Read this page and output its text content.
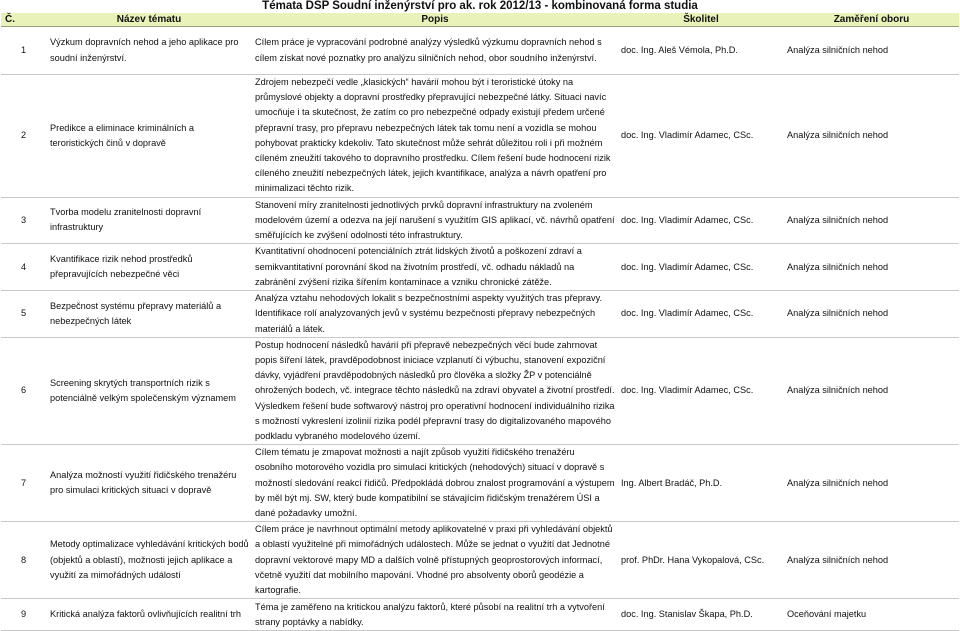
Témata DSP Soudní inženýrství pro ak. rok 2012/13 - kombinovaná forma studia
Č.	Název tématu	Popis	Školitel	Zaměření oboru
1	Výzkum dopravních nehod a jeho aplikace pro soudní inženýrství.	Cílem práce je vypracování podrobné analýzy výsledků výzkumu dopravních nehod s cílem získat nové poznatky pro analýzu silničních nehod, obor soudního inženýrství.	doc. Ing. Aleš Vémola, Ph.D.	Analýza silničních nehod
2	Predikce a eliminace kriminálních a teroristických činů v dopravě	Zdrojem nebezpečí vedle „klasických“ havárií mohou být i teroristické útoky na průmyslové objekty a dopravní prostředky přepravující nebezpečné látky. Situaci navíc umocňuje i ta skutečnost, že zatím co pro nebezpečné odpady existují předem určené přepravní trasy, pro přepravu nebezpečných látek tak tomu není a vozidla se mohou pohybovat prakticky kdekoliv. Tato skutečnost může sehrát důležitou roli i při možném cíleném zneužití takového to dopravního prostředku. Cílem řešení bude hodnocení rizik cíleného zneužití nebezpečných látek, jejich kvantifikace, analýza a návrh opatření pro minimalizaci těchto rizik.	doc. Ing. Vladimír Adamec, CSc.	Analýza silničních nehod
3	Tvorba modelu zranitelnosti dopravní infrastruktury	Stanovení míry zranitelnosti jednotlivých prvků dopravní infrastruktury na zvoleném modelovém území a odezva na její narušení s využitím GIS aplikací, vč. návrhů opatření směřujících ke zvýšení odolnosti této infrastruktury.	doc. Ing. Vladimír Adamec, CSc.	Analýza silničních nehod
4	Kvantifikace rizik nehod prostředků přepravujících nebezpečné věci	Kvantitativní ohodnocení potenciálních ztrát lidských životů a poškození zdraví a semikvantitativní porovnání škod na životním prostředí, vč. odhadu nákladů na zabránění zvýšení rizika šířením kontaminace a vzniku chronické zátěže.	doc. Ing. Vladimír Adamec, CSc.	Analýza silničních nehod
5	Bezpečnost systému přepravy materiálů a nebezpečných látek	Analýza vztahu nehodových lokalit s bezpečnostními aspekty využitých tras přepravy. Identifikace rolí analyzovaných jevů v systému bezpečnosti přepravy nebezpečných materiálů a látek.	doc. Ing. Vladimír Adamec, CSc.	Analýza silničních nehod
6	Screening skrytých transportních rizik s potenciálně velkým společenským významem	Postup hodnocení následků havárií při přepravě nebezpečných věcí bude zahrnovat popis šíření látek, pravděpodobnost iniciace vzplanutí či výbuchu, stanovení expoziční dávky, vyjádření pravděpodobných následků pro člověka a složky ŽP v potenciálně ohrožených bodech, vč. integrace těchto následků na zdraví obyvatel a životní prostředí. Výsledkem řešení bude softwarový nástroj pro operativní hodnocení individuálního rizika s možností vykreslení izolinií rizika podél přepravní trasy do digitalizovaného mapového podkladu vybraného modelového území.	doc. Ing. Vladimír Adamec, CSc.	Analýza silničních nehod
7	Analýza možností využití řidičského trenažéru pro simulaci kritických situací v dopravě	Cílem tématu je zmapovat možnosti a najít způsob využití řidičského trenažéru osobního motorového vozidla pro simulaci kritických (nehodových) situací v dopravě s možností sledování reakcí řidičů. Předpokládá dobrou znalost programování a výstupem by měl být mj. SW, který bude kompatibilní se stávajícím řidičským trenažérem ÚSI a dané požadavky umožní.	Ing. Albert Bradáč, Ph.D.	Analýza silničních nehod
8	Metody optimalizace vyhledávání kritických bodů (objektů a oblastí), možnosti jejich aplikace a využití za mimořádných událostí	Cílem práce je navrhnout optimální metody aplikovatelné v praxi při vyhledávání objektů a oblastí využitelné při mimořádných událostech. Může se jednat o využití dat Jednotné dopravní vektorové mapy MD a dalších volně přístupných geoprostorových informací, včetně využití dat mobilního mapování. Vhodné pro absolventy oborů geodézie a kartografie.	prof. PhDr. Hana Vykopalová, CSc.	Analýza silničních nehod
9	Kritická analýza faktorů ovlivňujících realitní trh	Téma je zaměřeno na kritickou analýzu faktorů, které působí na realitní trh a vytvoření strany poptávky a nabídky.	doc. Ing. Stanislav Škapa, Ph.D.	Oceňování majetku
